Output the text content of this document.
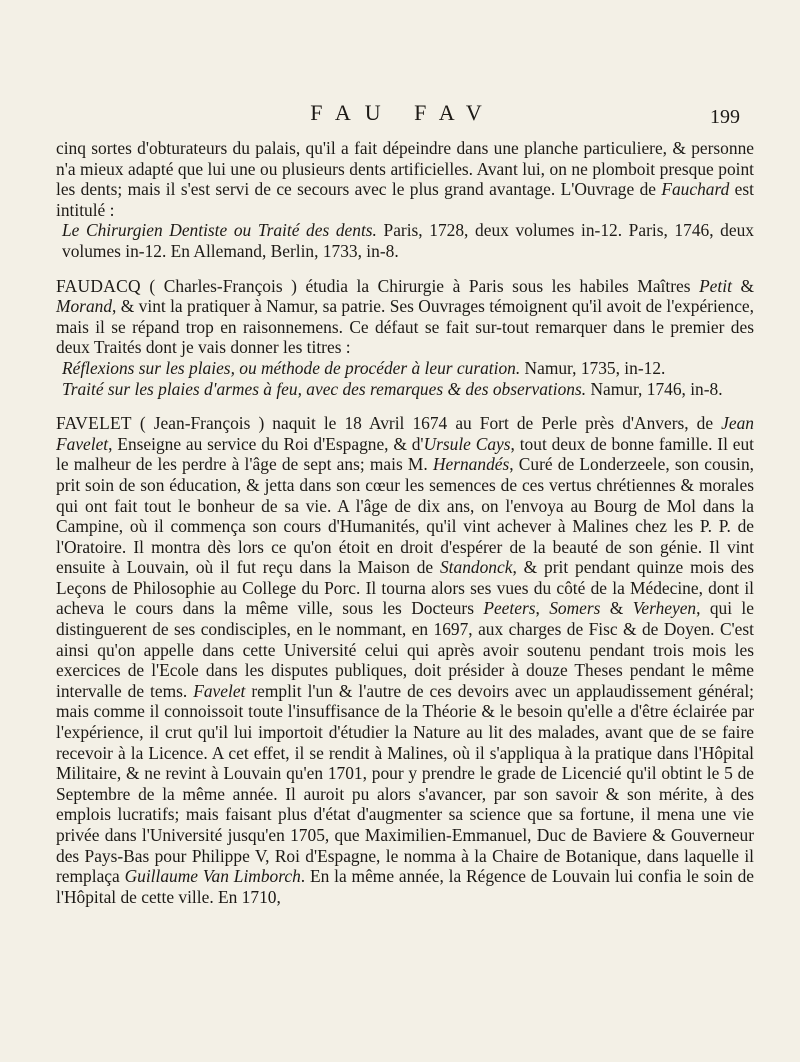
FAU FAV	199

cinq sortes d'obturateurs du palais, qu'il a fait dépeindre dans une planche particuliere, & personne n'a mieux adapté que lui une ou plusieurs dents artificielles. Avant lui, on ne plomboit presque point les dents; mais il s'est servi de ce secours avec le plus grand avantage. L'Ouvrage de Fauchard est intitulé :

Le Chirurgien Dentiste ou Traité des dents. Paris, 1728, deux volumes in-12. Paris, 1746, deux volumes in-12. En Allemand, Berlin, 1733, in-8.

FAUDACQ ( Charles-François ) étudia la Chirurgie à Paris sous les habiles Maîtres Petit & Morand, & vint la pratiquer à Namur, sa patrie. Ses Ouvrages témoignent qu'il avoit de l'expérience, mais il se répand trop en raisonnemens. Ce défaut se fait sur-tout remarquer dans le premier des deux Traités dont je vais donner les titres :

Réflexions sur les plaies, ou méthode de procéder à leur curation. Namur, 1735, in-12.

Traité sur les plaies d'armes à feu, avec des remarques & des observations. Namur, 1746, in-8.

FAVELET ( Jean-François ) naquit le 18 Avril 1674 au Fort de Perle près d'Anvers, de Jean Favelet, Enseigne au service du Roi d'Espagne, & d'Ursule Cays, tout deux de bonne famille. Il eut le malheur de les perdre à l'âge de sept ans; mais M. Hernandés, Curé de Londerzeele, son cousin, prit soin de son éducation, & jetta dans son cœur les semences de ces vertus chrétiennes & morales qui ont fait tout le bonheur de sa vie. A l'âge de dix ans, on l'envoya au Bourg de Mol dans la Campine, où il commença son cours d'Humanités, qu'il vint achever à Malines chez les P. P. de l'Oratoire. Il montra dès lors ce qu'on étoit en droit d'espérer de la beauté de son génie. Il vint ensuite à Louvain, où il fut reçu dans la Maison de Standonck, & prit pendant quinze mois des Leçons de Philosophie au College du Porc. Il tourna alors ses vues du côté de la Médecine, dont il acheva le cours dans la même ville, sous les Docteurs Peeters, Somers & Verheyen, qui le distinguerent de ses condisciples, en le nommant, en 1697, aux charges de Fisc & de Doyen. C'est ainsi qu'on appelle dans cette Université celui qui après avoir soutenu pendant trois mois les exercices de l'Ecole dans les disputes publiques, doit présider à douze Theses pendant le même intervalle de tems. Favelet remplit l'un & l'autre de ces devoirs avec un applaudissement général; mais comme il connoissoit toute l'insuffisance de la Théorie & le besoin qu'elle a d'être éclairée par l'expérience, il crut qu'il lui importoit d'étudier la Nature au lit des malades, avant que de se faire recevoir à la Licence. A cet effet, il se rendit à Malines, où il s'appliqua à la pratique dans l'Hôpital Militaire, & ne revint à Louvain qu'en 1701, pour y prendre le grade de Licencié qu'il obtint le 5 de Septembre de la même année. Il auroit pu alors s'avancer, par son savoir & son mérite, à des emplois lucratifs; mais faisant plus d'état d'augmenter sa science que sa fortune, il mena une vie privée dans l'Université jusqu'en 1705, que Maximilien-Emmanuel, Duc de Baviere & Gouverneur des Pays-Bas pour Philippe V, Roi d'Espagne, le nomma à la Chaire de Botanique, dans laquelle il remplaça Guillaume Van Limborch. En la même année, la Régence de Louvain lui confia le soin de l'Hôpital de cette ville. En 1710,
